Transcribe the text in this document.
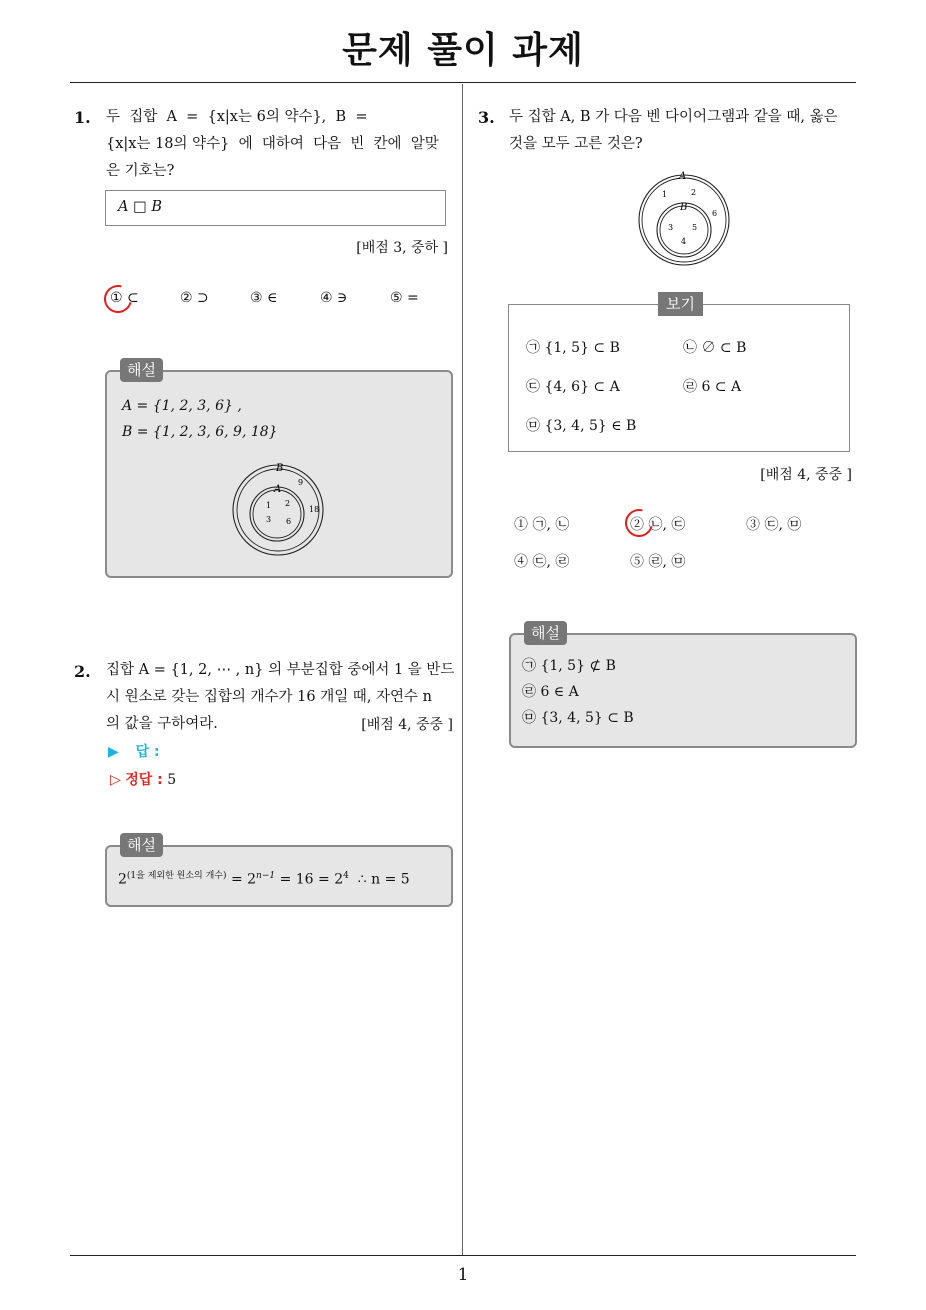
문제 풀이 과제
1. 두  집합  A  =  {x|x는 6의 약수},  B  =
{x|x는 18의 약수}  에  대하여  다음  빈  칸에  알맞
은 기호는?
A □ B
[배점 3, 중하 ]
① ⊂	② ⊃	③ ∈	④ ∋	⑤ =
해설
A = {1, 2, 3, 6} ,
B = {1, 2, 3, 6, 9, 18}
B
A
1 2
3 6
9
18
2. 집합 A = {1, 2, ⋯ , n} 의 부분집합 중에서 1 을 반드
시 원소로 갖는 집합의 개수가 16 개일 때, 자연수 n
의 값을 구하여라.	[배점 4, 중중 ]
▶ 답 :
▷ 정답 : 5
해설
$2^{(1을 제외한 원소의 개수)} = 2^{n-1} = 16 = 2^4$  ∴ n = 5
3. 두 집합 A, B 가 다음 벤 다이어그램과 같을 때, 옳은
것을 모두 고른 것은?
A
B
3 5
4
1	2
6
보기
㉠ {1, 5} ⊂ B	㉡ ∅ ⊂ B
㉢ {4, 6} ⊂ A	㉣ 6 ⊂ A
㉤ {3, 4, 5} ∈ B
[배점 4, 중중 ]
① ㉠, ㉡	② ㉡, ㉢	③ ㉢, ㉤
④ ㉢, ㉣	⑤ ㉣, ㉤
해설
㉠ {1, 5} ⊄ B
㉣ 6 ∈ A
㉤ {3, 4, 5} ⊂ B
1
